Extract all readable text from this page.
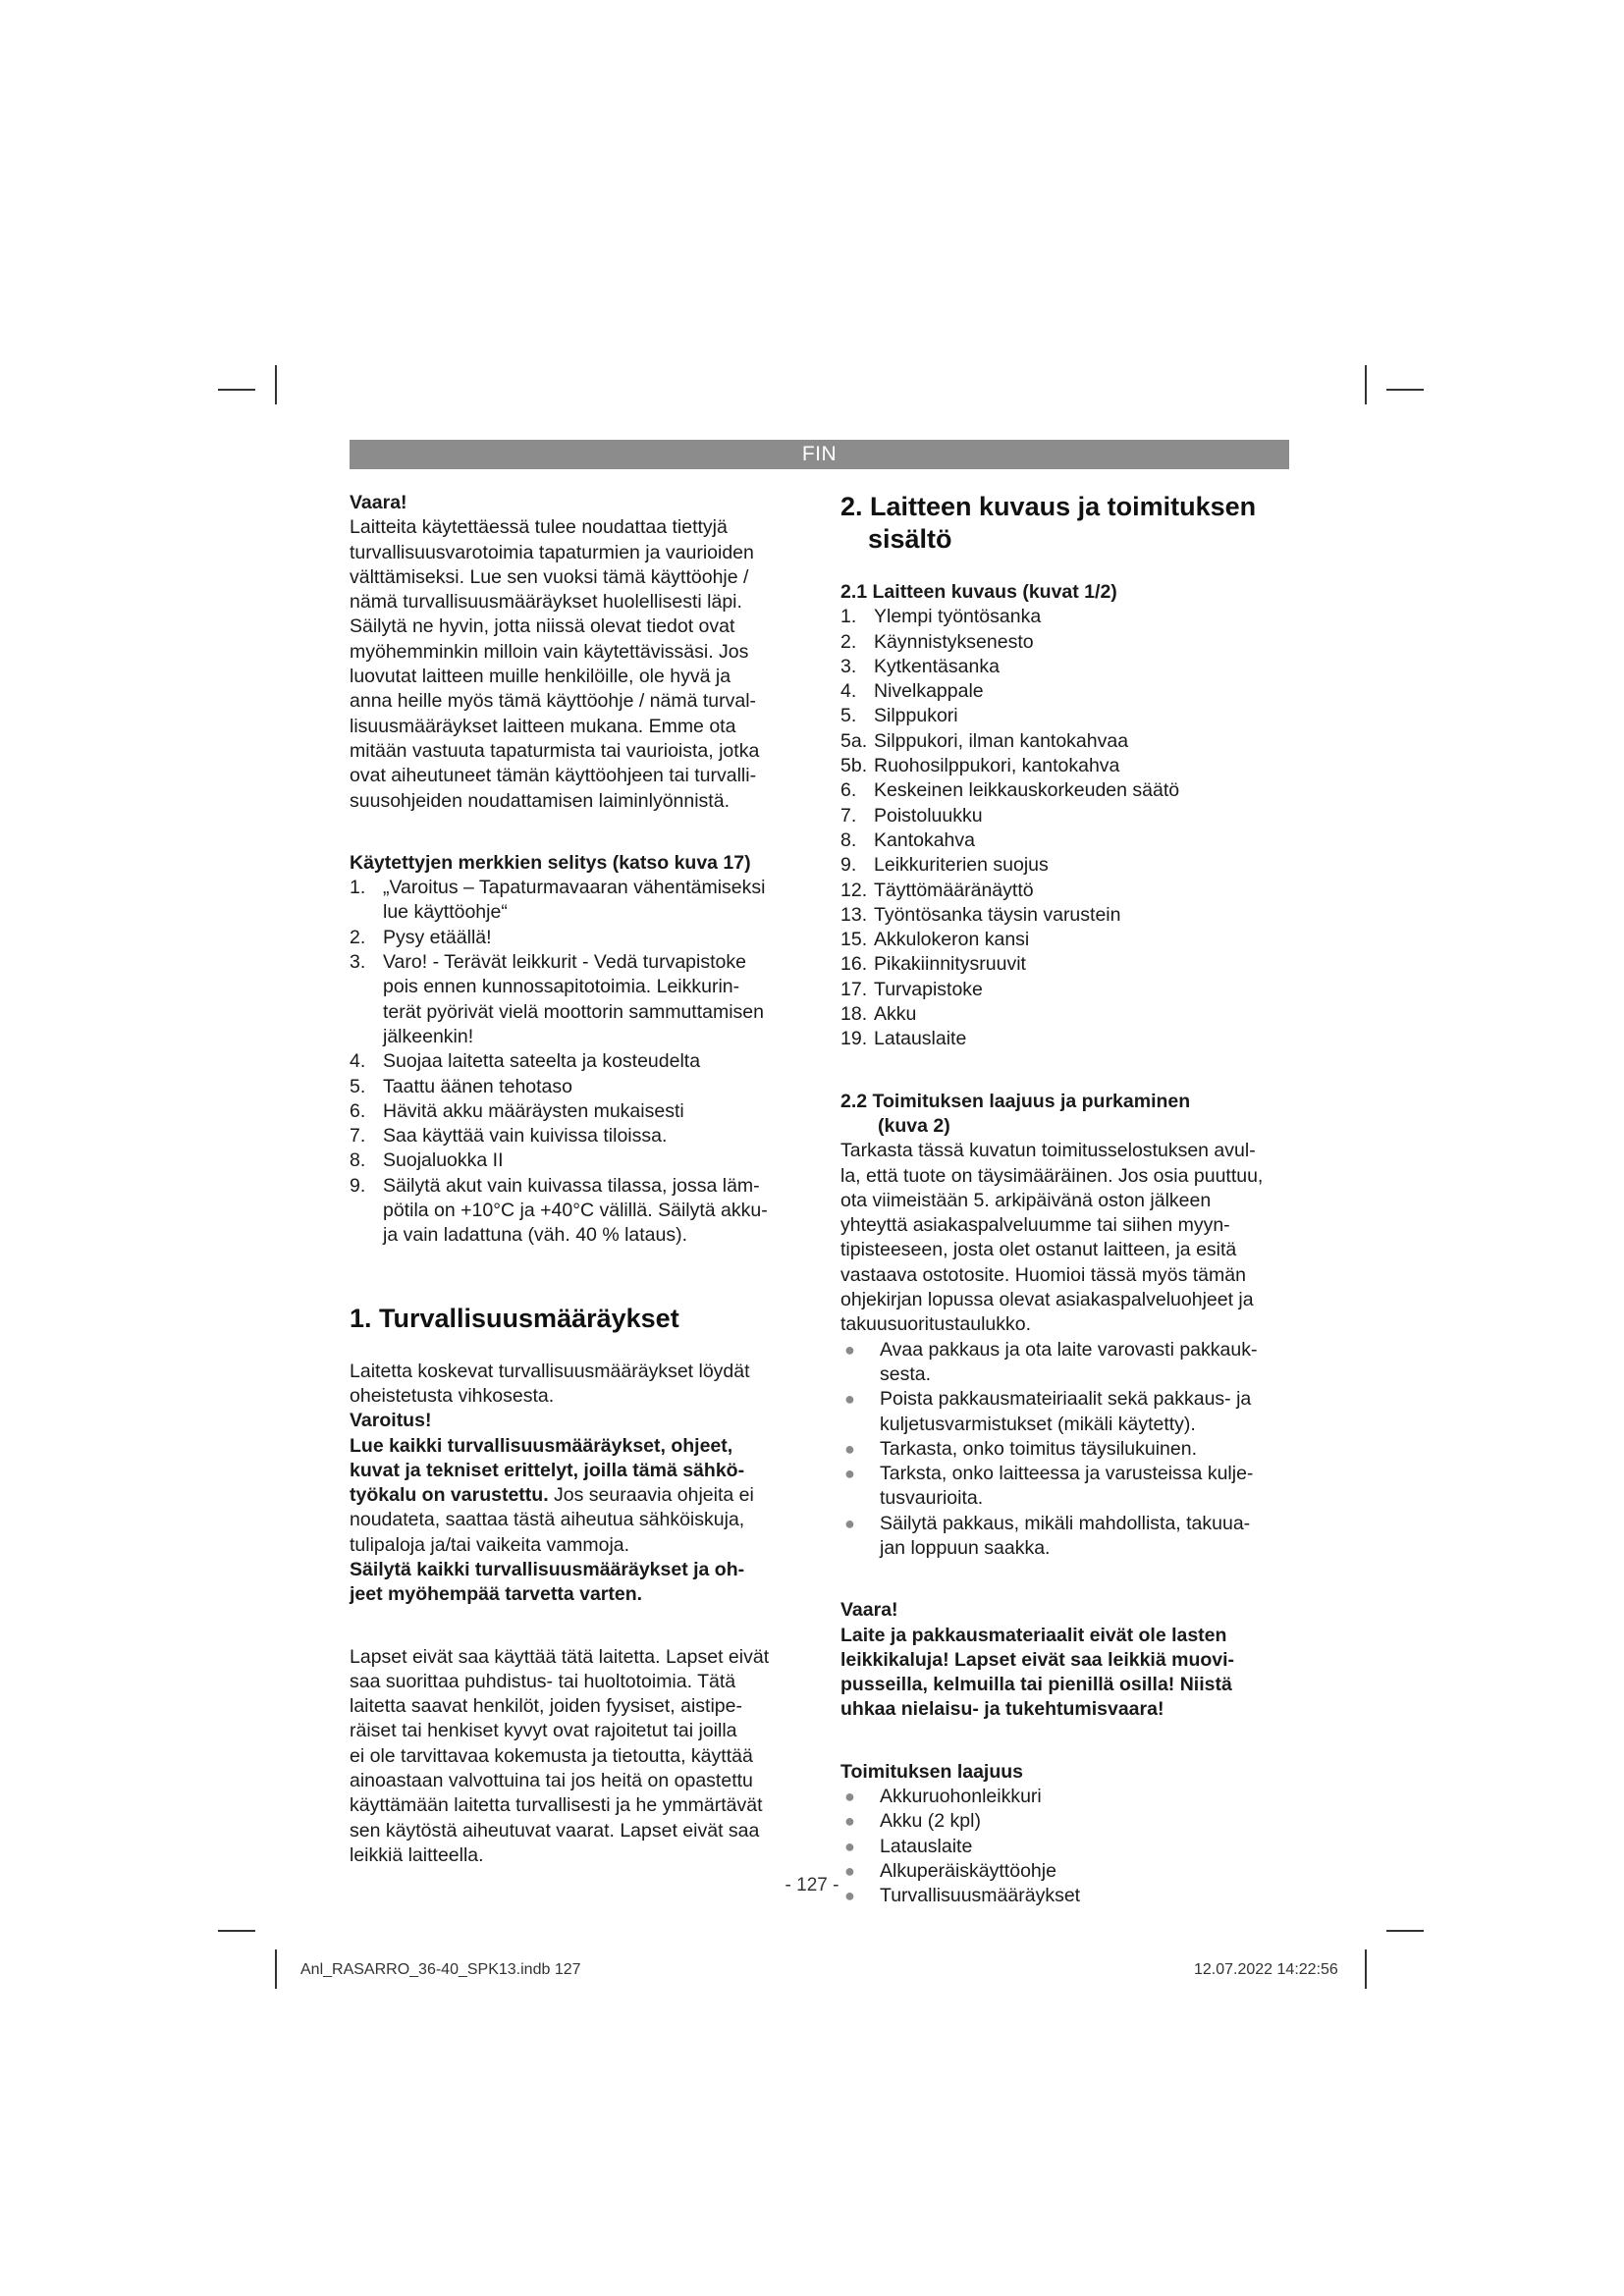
FIN

Vaara!

Laitteita käytettäessä tulee noudattaa tiettyjä
turvallisuusvarotoimia tapaturmien ja vaurioiden
välttämiseksi. Lue sen vuoksi tämä käyttöohje /
nämä turvallisuusmääräykset huolellisesti läpi.
Säilytä ne hyvin, jotta niissä olevat tiedot ovat
myöhemminkin milloin vain käytettävissäsi. Jos
luovutat laitteen muille henkilöille, ole hyvä ja
anna heille myös tämä käyttöohje / nämä turval-
lisuusmääräykset laitteen mukana. Emme ota
mitään vastuuta tapaturmista tai vaurioista, jotka
ovat aiheutuneet tämän käyttöohjeen tai turvalli-
suusohjeiden noudattamisen laiminlyönnistä.

Käytettyjen merkkien selitys (katso kuva 17)

1. „Varoitus – Tapaturmavaaran vähentämiseksi
lue käyttöohje“
2. Pysy etäällä!
3. Varo! - Terävät leikkurit - Vedä turvapistoke
pois ennen kunnossapitotoimia. Leikkurin-
terät pyörivät vielä moottorin sammuttamisen
jälkeenkin!
4. Suojaa laitetta sateelta ja kosteudelta
5. Taattu äänen tehotaso
6. Hävitä akku määräysten mukaisesti
7. Saa käyttää vain kuivissa tiloissa.
8. Suojaluokka II
9. Säilytä akut vain kuivassa tilassa, jossa läm-
pötila on +10°C ja +40°C välillä. Säilytä akku-
ja vain ladattuna (väh. 40 % lataus).
1. Turvallisuusmääräykset
Laitetta koskevat turvallisuusmääräykset löydät
oheistetusta vihkosesta.

Varoitus!

Lue kaikki turvallisuusmääräykset, ohjeet,
kuvat ja tekniset erittelyt, joilla tämä sähkö-
työkalu on varustettu. Jos seuraavia ohjeita ei
noudateta, saattaa tästä aiheutua sähköiskuja,
tulipaloja ja/tai vaikeita vammoja.
Säilytä kaikki turvallisuusmääräykset ja oh-
jeet myöhempää tarvetta varten.
Lapset eivät saa käyttää tätä laitetta. Lapset eivät
saa suorittaa puhdistus- tai huoltotoimia. Tätä
laitetta saavat henkilöt, joiden fyysiset, aistipe-
räiset tai henkiset kyvyt ovat rajoitetut tai joilla
ei ole tarvittavaa kokemusta ja tietoutta, käyttää
ainoastaan valvottuina tai jos heitä on opastettu
käyttämään laitetta turvallisesti ja he ymmärtävät
sen käytöstä aiheutuvat vaarat. Lapset eivät saa
leikkiä laitteella.
2. Laitteen kuvaus ja toimituksen
sisältö

2.1 Laitteen kuvaus (kuvat 1/2)

1. Ylempi työntösanka
2. Käynnistyksenesto
3. Kytkentäsanka
4. Nivelkappale
5. Silppukori
5a. Silppukori, ilman kantokahvaa
5b. Ruohosilppukori, kantokahva
6. Keskeinen leikkauskorkeuden säätö
7. Poistoluukku
8. Kantokahva
9. Leikkuriterien suojus
12. Täyttömääränäyttö
13. Työntösanka täysin varustein
15. Akkulokeron kansi
16. Pikakiinnitysruuvit
17. Turvapistoke
18. Akku
19. Latauslaite
2.2 Toimituksen laajuus ja purkaminen
(kuva 2)
Tarkasta tässä kuvatun toimitusselostuksen avul-
la, että tuote on täysimääräinen. Jos osia puuttuu,
ota viimeistään 5. arkipäivänä oston jälkeen
yhteyttä asiakaspalveluumme tai siihen myyn-
tipisteeseen, josta olet ostanut laitteen, ja esitä
vastaava ostotosite. Huomioi tässä myös tämän
ohjekirjan lopussa olevat asiakaspalveluohjeet ja
takuusuoritustaulukko.
● Avaa pakkaus ja ota laite varovasti pakkauk-
sesta.
● Poista pakkausmateiriaalit sekä pakkaus- ja
kuljetusvarmistukset (mikäli käytetty).
● Tarkasta, onko toimitus täysilukuinen.
● Tarksta, onko laitteessa ja varusteissa kulje-
tusvaurioita.
● Säilytä pakkaus, mikäli mahdollista, takuua-
jan loppuun saakka.

Vaara!

Laite ja pakkausmateriaalit eivät ole lasten
leikkikaluja! Lapset eivät saa leikkiä muovi-
pusseilla, kelmuilla tai pienillä osilla! Niistä
uhkaa nielaisu- ja tukehtumisvaara!

Toimituksen laajuus

● Akkuruohonleikkuri
● Akku (2 kpl)
● Latauslaite
● Alkuperäiskäyttöohje
● Turvallisuusmääräykset
- 127 -
Anl_RASARRO_36-40_SPK13.indb 127	12.07.2022 14:22:56
